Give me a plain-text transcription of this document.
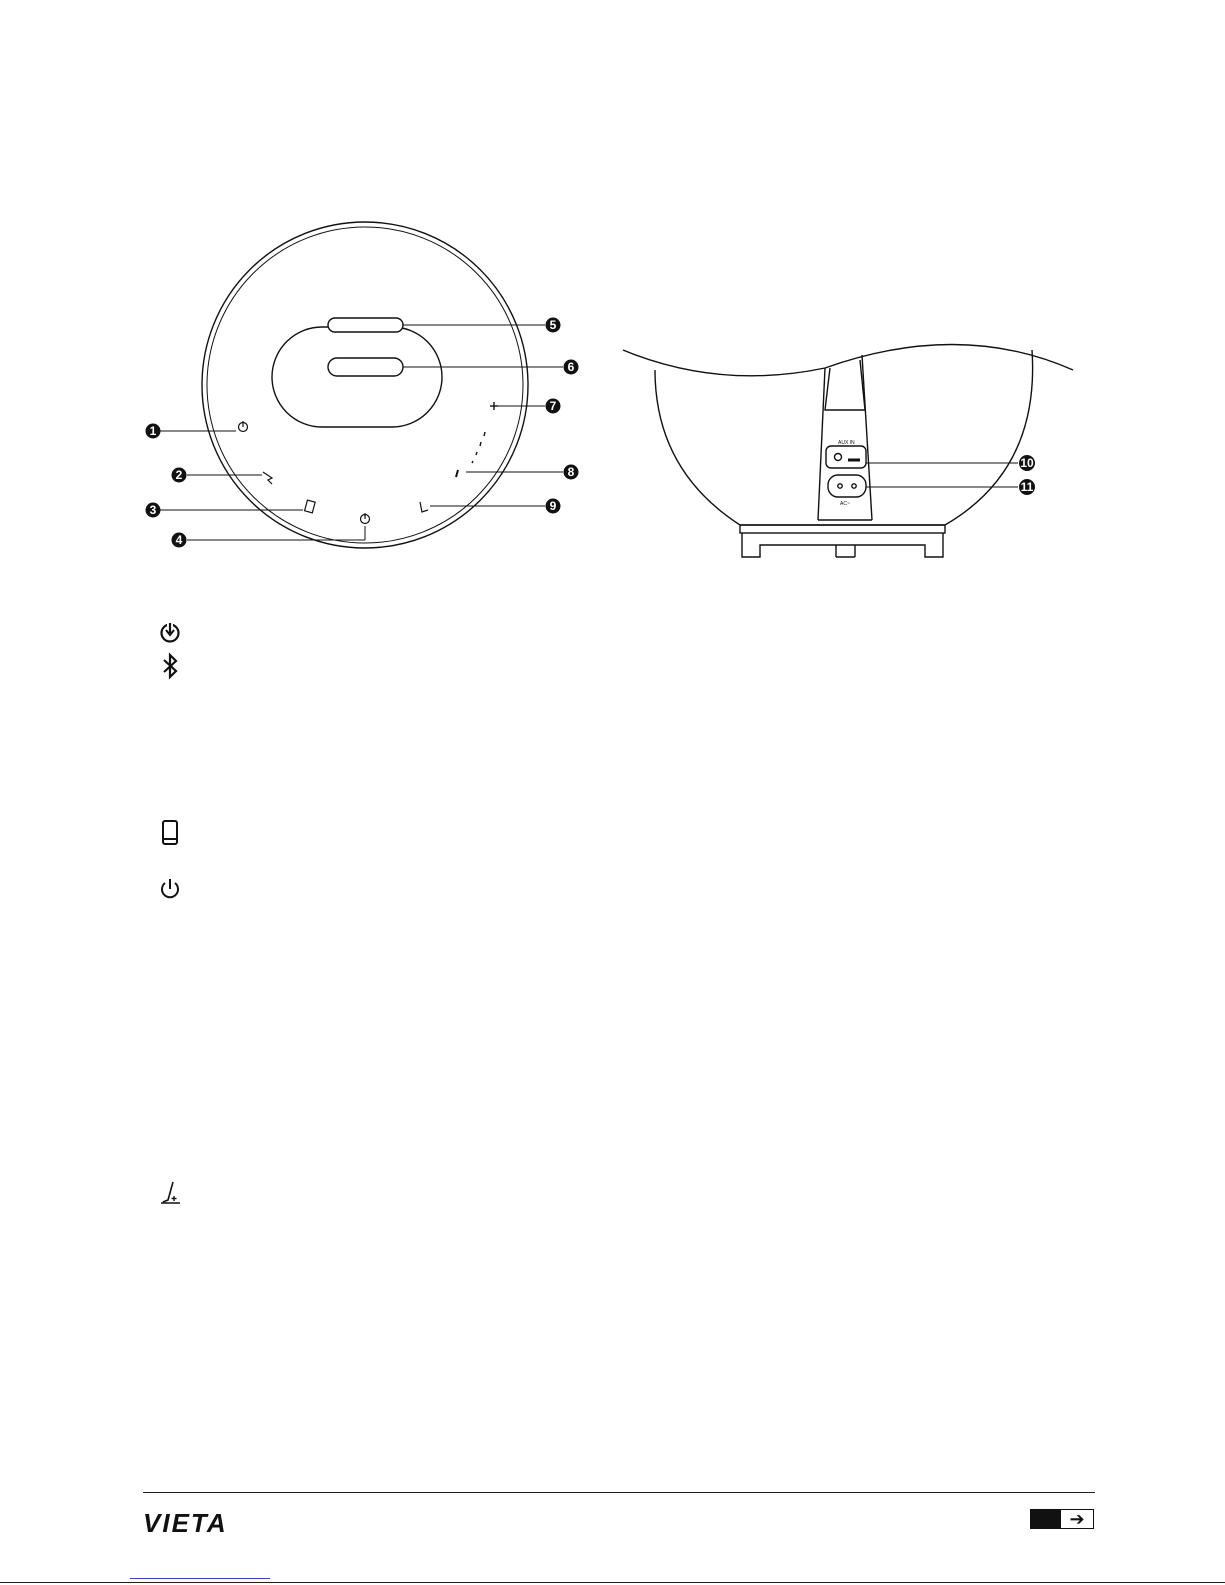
AUX IN
AC~
1
2
3
4
5
6
7
8
9
10
11
VIETA	➔
